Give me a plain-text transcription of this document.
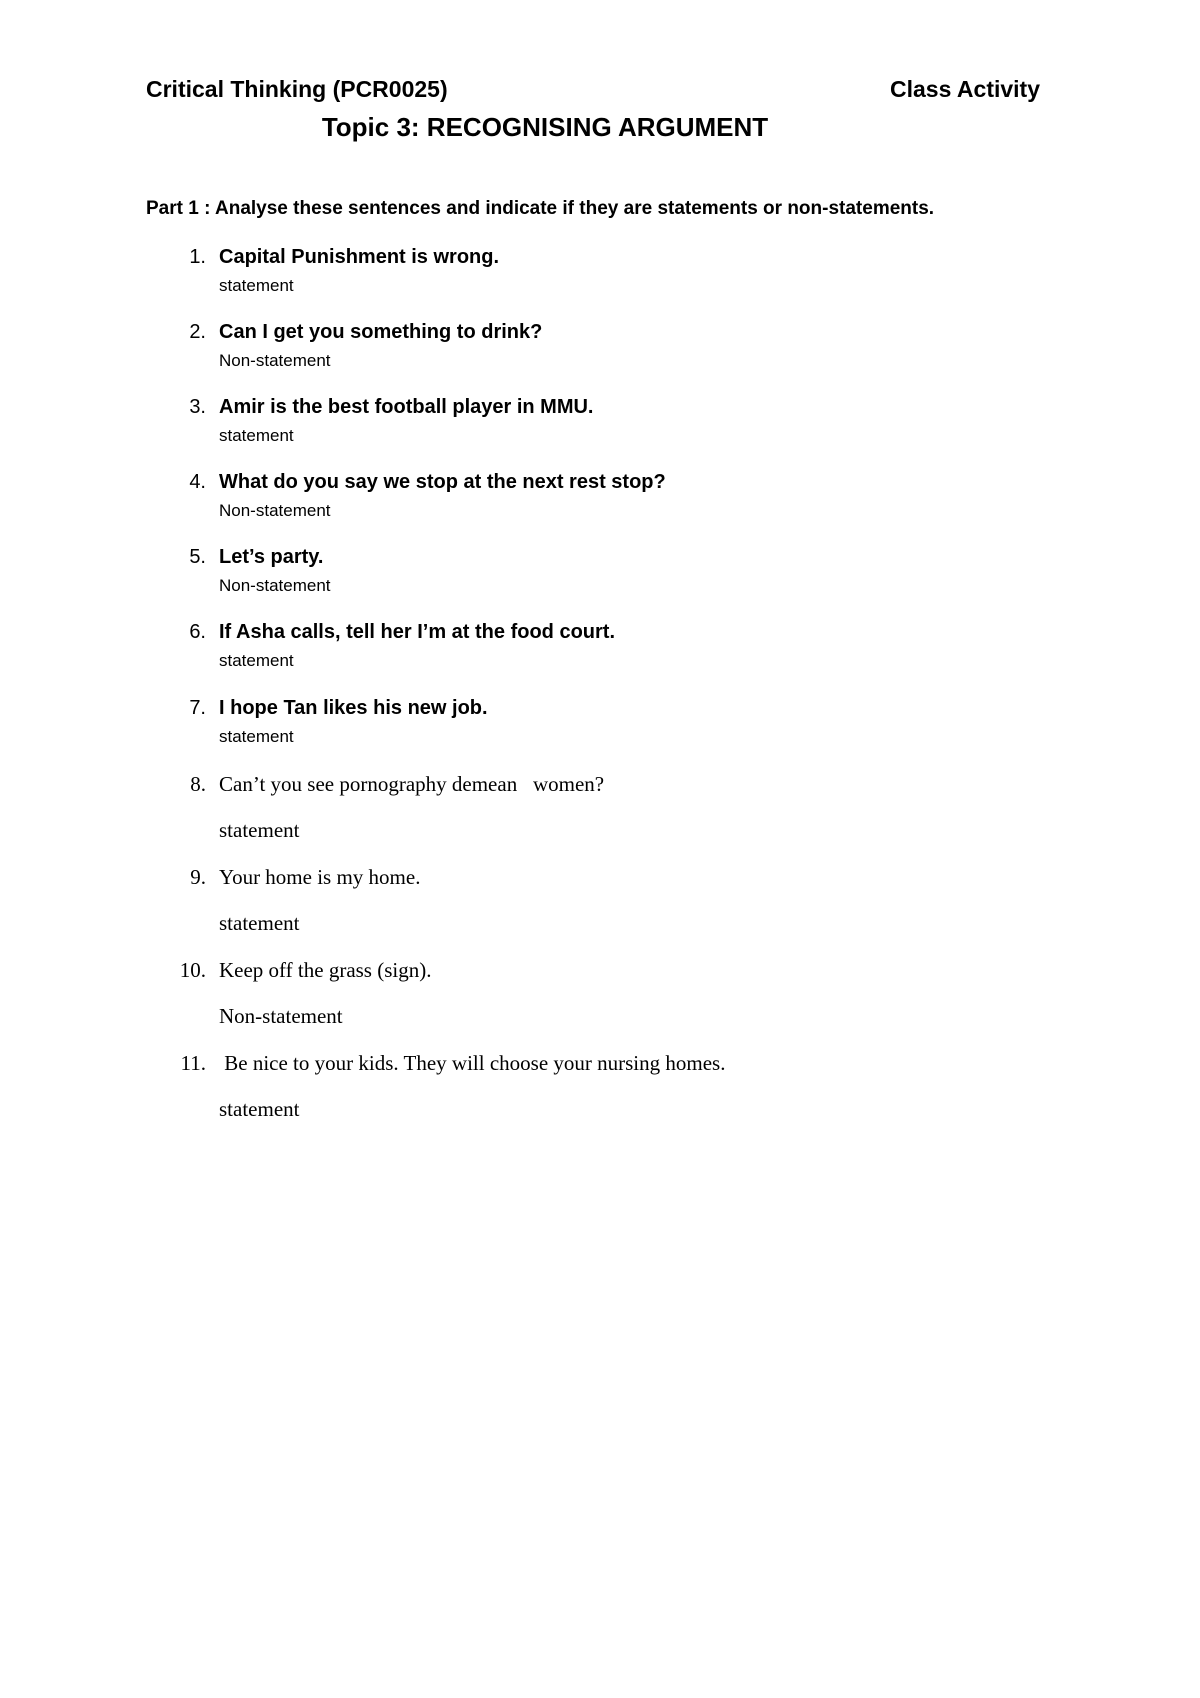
Critical Thinking (PCR0025)	Class Activity
Topic 3: RECOGNISING ARGUMENT
Part 1 : Analyse these sentences and indicate if they are statements or non-statements.
1. Capital Punishment is wrong.
statement
2. Can I get you something to drink?
Non-statement
3. Amir is the best football player in MMU.
statement
4. What do you say we stop at the next rest stop?
Non-statement
5. Let’s party.
Non-statement
6. If Asha calls, tell her I’m at the food court.
statement
7. I hope Tan likes his new job.
statement
8. Can’t you see pornography demean   women?
statement
9. Your home is my home.
statement
10. Keep off the grass (sign).
Non-statement
11. Be nice to your kids. They will choose your nursing homes.
statement
